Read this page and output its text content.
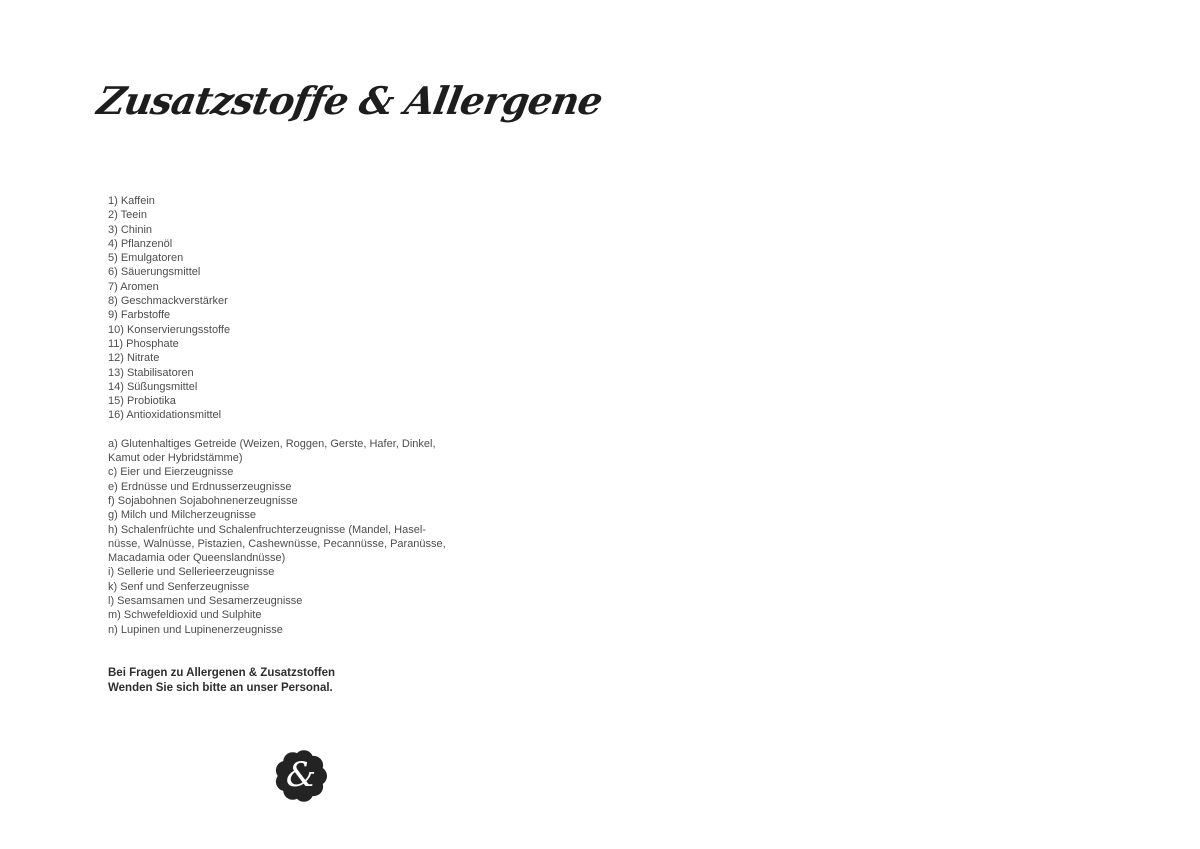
Zusatzstoffe & Allergene
1) Kaffein
2) Teein
3) Chinin
4) Pflanzenöl
5) Emulgatoren
6) Säuerungsmittel
7) Aromen
8) Geschmackverstärker
9) Farbstoffe
10) Konservierungsstoffe
11) Phosphate
12) Nitrate
13) Stabilisatoren
14) Süßungsmittel
15) Probiotika
16) Antioxidationsmittel
a) Glutenhaltiges Getreide (Weizen, Roggen, Gerste, Hafer, Dinkel,
Kamut oder Hybridstämme)
c) Eier und Eierzeugnisse
e) Erdnüsse und Erdnusserzeugnisse
f) Sojabohnen Sojabohnenerzeugnisse
g) Milch und Milcherzeugnisse
h) Schalenfrüchte und Schalenfruchterzeugnisse (Mandel, Hasel-
nüsse, Walnüsse, Pistazien, Cashewnüsse, Pecannüsse, Paranüsse,
Macadamia oder Queenslandnüsse)
i) Sellerie und Sellerieerzeugnisse
k) Senf und Senferzeugnisse
l) Sesamsamen und Sesamerzeugnisse
m) Schwefeldioxid und Sulphite
n) Lupinen und Lupinenerzeugnisse
Bei Fragen zu Allergenen & Zusatzstoffen
Wenden Sie sich bitte an unser Personal.
&
